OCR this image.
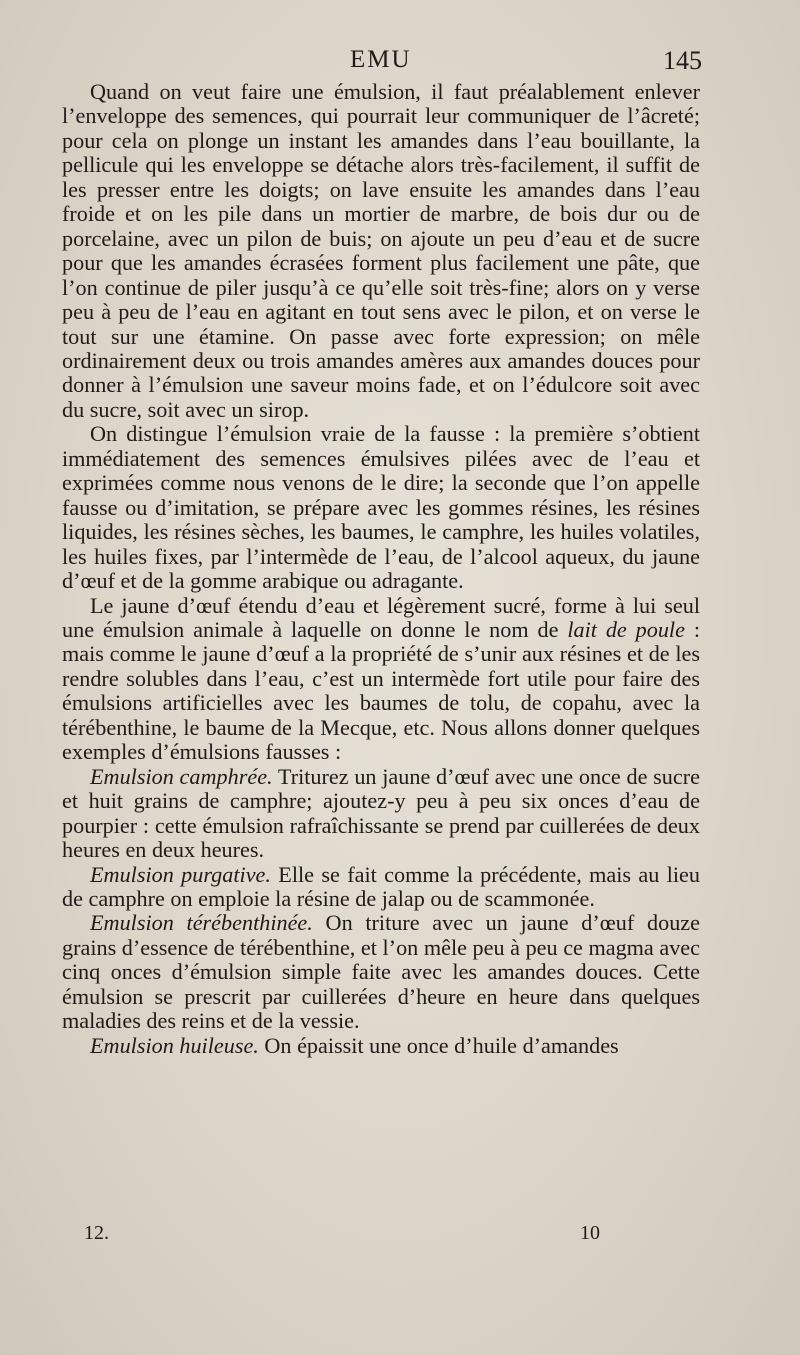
EMU	145

Quand on veut faire une émulsion, il faut préalablement enlever l’enveloppe des semences, qui pourrait leur communiquer de l’âcreté; pour cela on plonge un instant les amandes dans l’eau bouillante, la pellicule qui les enveloppe se détache alors très-facilement, il suffit de les presser entre les doigts; on lave ensuite les amandes dans l’eau froide et on les pile dans un mortier de marbre, de bois dur ou de porcelaine, avec un pilon de buis; on ajoute un peu d’eau et de sucre pour que les amandes écrasées forment plus facilement une pâte, que l’on continue de piler jusqu’à ce qu’elle soit très-fine; alors on y verse peu à peu de l’eau en agitant en tout sens avec le pilon, et on verse le tout sur une étamine. On passe avec forte expression; on mêle ordinairement deux ou trois amandes amères aux amandes douces pour donner à l’émulsion une saveur moins fade, et on l’édulcore soit avec du sucre, soit avec un sirop.

On distingue l’émulsion vraie de la fausse : la première s’obtient immédiatement des semences émulsives pilées avec de l’eau et exprimées comme nous venons de le dire; la seconde que l’on appelle fausse ou d’imitation, se prépare avec les gommes résines, les résines liquides, les résines sèches, les baumes, le camphre, les huiles volatiles, les huiles fixes, par l’intermède de l’eau, de l’alcool aqueux, du jaune d’œuf et de la gomme arabique ou adragante.

Le jaune d’œuf étendu d’eau et légèrement sucré, forme à lui seul une émulsion animale à laquelle on donne le nom de lait de poule : mais comme le jaune d’œuf a la propriété de s’unir aux résines et de les rendre solubles dans l’eau, c’est un intermède fort utile pour faire des émulsions artificielles avec les baumes de tolu, de copahu, avec la térébenthine, le baume de la Mecque, etc. Nous allons donner quelques exemples d’émulsions fausses :

Emulsion camphrée. Triturez un jaune d’œuf avec une once de sucre et huit grains de camphre; ajoutez-y peu à peu six onces d’eau de pourpier : cette émulsion rafraîchissante se prend par cuillerées de deux heures en deux heures.

Emulsion purgative. Elle se fait comme la précédente, mais au lieu de camphre on emploie la résine de jalap ou de scammonée.

Emulsion térébenthinée. On triture avec un jaune d’œuf douze grains d’essence de térébenthine, et l’on mêle peu à peu ce magma avec cinq onces d’émulsion simple faite avec les amandes douces. Cette émulsion se prescrit par cuillerées d’heure en heure dans quelques maladies des reins et de la vessie.

Emulsion huileuse. On épaissit une once d’huile d’amandes

12.	10
